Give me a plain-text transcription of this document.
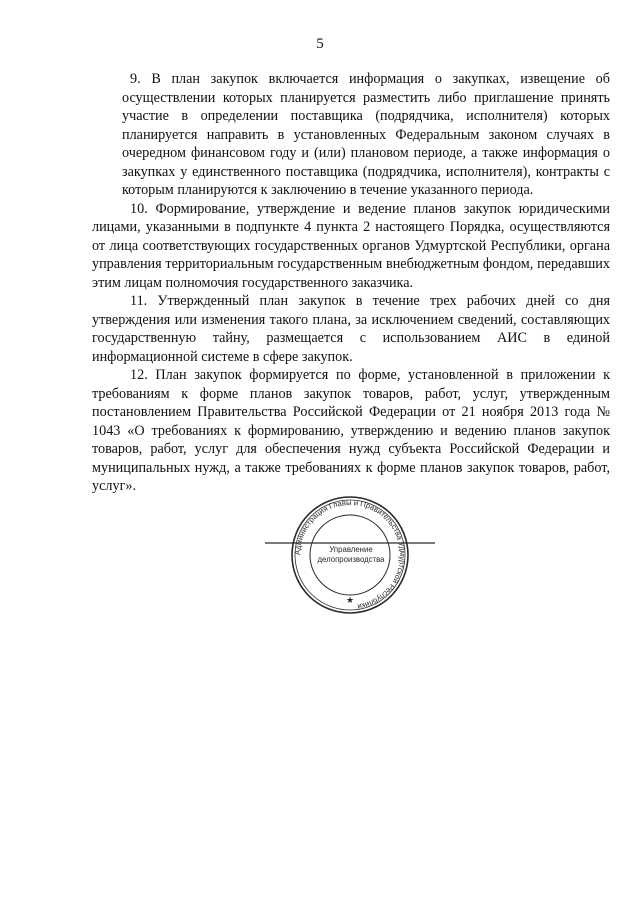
5

9. В план закупок включается информация о закупках, извещение об осуществлении которых планируется разместить либо приглашение принять участие в определении поставщика (подрядчика, исполнителя) которых планируется направить в установленных Федеральным законом случаях в очередном финансовом году и (или) плановом периоде, а также информация о закупках у единственного поставщика (подрядчика, исполнителя), контракты с которым планируются к заключению в течение указанного периода.

10. Формирование, утверждение и ведение планов закупок юридическими лицами, указанными в подпункте 4 пункта 2 настоящего Порядка, осуществляются от лица соответствующих государственных органов Удмуртской Республики, органа управления территориальным государственным внебюджетным фондом, передавших этим лицам полномочия государственного заказчика.

11. Утвержденный план закупок в течение трех рабочих дней со дня утверждения или изменения такого плана, за исключением сведений, составляющих государственную тайну, размещается с использованием АИС в единой информационной системе в сфере закупок.

12. План закупок формируется по форме, установленной в приложении к требованиям к форме планов закупок товаров, работ, услуг, утвержденным постановлением Правительства Российской Федерации от 21 ноября 2013 года № 1043 «О требованиях к формированию, утверждению и ведению планов закупок товаров, работ, услуг для обеспечения нужд субъекта Российской Федерации и муниципальных нужд, а также требованиях к форме планов закупок товаров, работ, услуг».

Администрация Главы и Правительства Удмуртской Республики
Управление
делопроизводства
★
